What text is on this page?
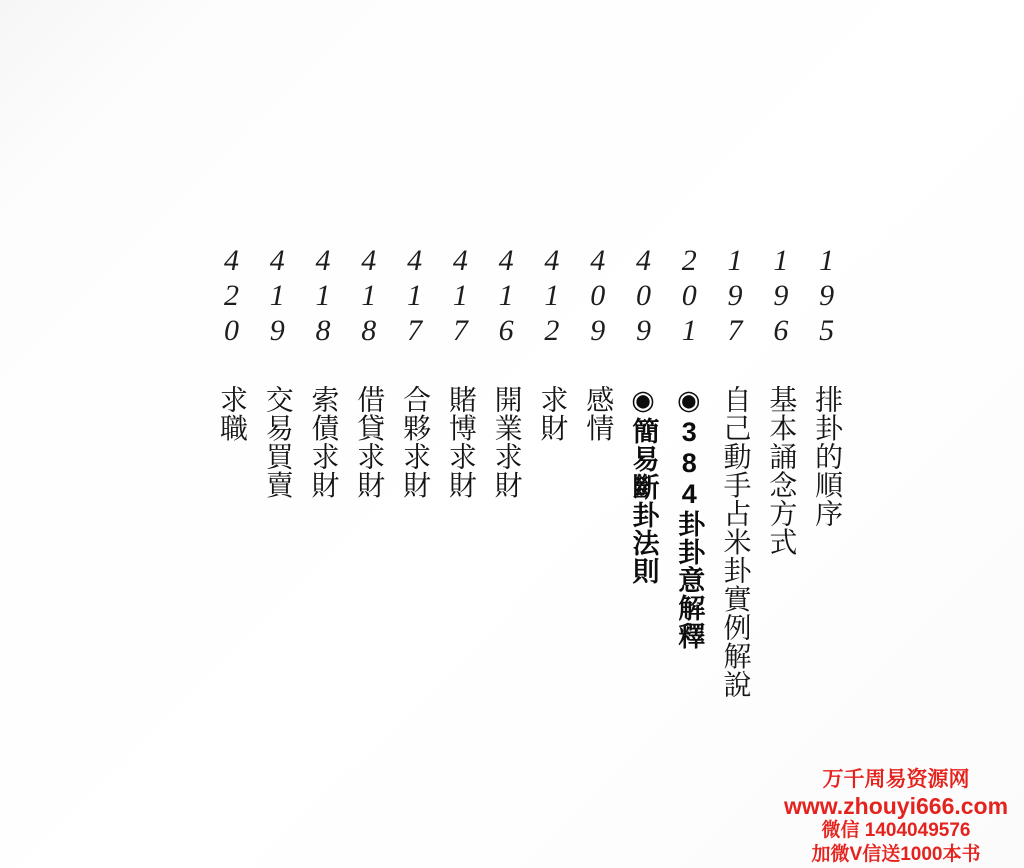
195
排卦的順序
196
基本誦念方式
197
自己動手占米卦實例解說
201
◉384卦卦意解釋
409
◉簡易斷卦法則
409
感情
412
求財
416
開業求財
417
賭博求財
417
合夥求財
418
借貸求財
418
索債求財
419
交易買賣
420
求職
万千周易资源网
www.zhouyi666.com
微信 1404049576
加微V信送1000本书
